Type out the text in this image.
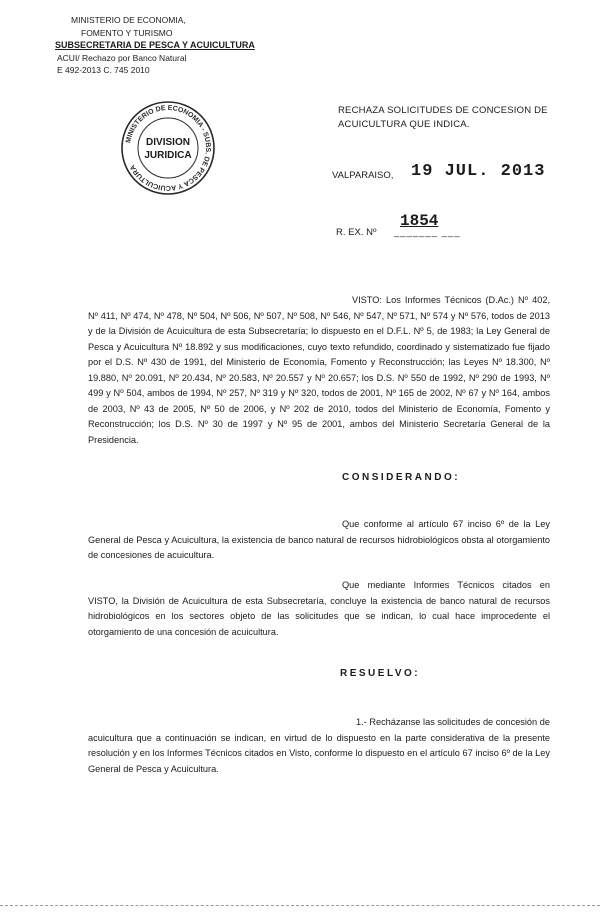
MINISTERIO DE ECONOMIA,
FOMENTO Y TURISMO
SUBSECRETARIA DE PESCA Y ACUICULTURA
ACUI/ Rechazo por Banco Natural
E 492-2013 C. 745 2010
MINISTERIO DE ECONOMIA - SUBS. DE PESCA Y ACUICULTURA
DIVISION
JURIDICA
RECHAZA SOLICITUDES DE CONCESION DE ACUICULTURA QUE INDICA.
VALPARAISO, 19 JUL. 2013
R. EX. Nº _______ ___
1854
VISTO: Los Informes Técnicos (D.Ac.) Nº 402, Nº 411, Nº 474, Nº 478, Nº 504, Nº 506, Nº 507, Nº 508, Nº 546, Nº 547, Nº 571, Nº 574 y Nº 576, todos de 2013 y de la División de Acuicultura de esta Subsecretaría; lo dispuesto en el D.F.L. Nº 5, de 1983; la Ley General de Pesca y Acuicultura Nº 18.892 y sus modificaciones, cuyo texto refundido, coordinado y sistematizado fue fijado por el D.S. Nº 430 de 1991, del Ministerio de Economía, Fomento y Reconstrucción; las Leyes Nº 18.300, Nº 19.880, Nº 20.091, Nº 20.434, Nº 20.583, Nº 20.557 y Nº 20.657; los D.S. Nº 550 de 1992, Nº 290 de 1993, Nº 499 y Nº 504, ambos de 1994, Nº 257, Nº 319 y Nº 320, todos de 2001, Nº 165 de 2002, Nº 67 y Nº 164, ambos de 2003, Nº 43 de 2005, Nº 50 de 2006, y Nº 202 de 2010, todos del Ministerio de Economía, Fomento y Reconstrucción; los D.S. Nº 30 de 1997 y Nº 95 de 2001, ambos del Ministerio Secretaría General de la Presidencia.
CONSIDERANDO:
Que conforme al artículo 67 inciso 6º de la Ley General de Pesca y Acuicultura, la existencia de banco natural de recursos hidrobiológicos obsta al otorgamiento de concesiones de acuicultura.
Que mediante Informes Técnicos citados en VISTO, la División de Acuicultura de esta Subsecretaría, concluye la existencia de banco natural de recursos hidrobiológicos en los sectores objeto de las solicitudes que se indican, lo cual hace improcedente el otorgamiento de una concesión de acuicultura.
RESUELVO:
1.- Recházanse las solicitudes de concesión de acuicultura que a continuación se indican, en virtud de lo dispuesto en la parte considerativa de la presente resolución y en los Informes Técnicos citados en Visto, conforme lo dispuesto en el artículo 67 inciso 6º de la Ley General de Pesca y Acuicultura.
